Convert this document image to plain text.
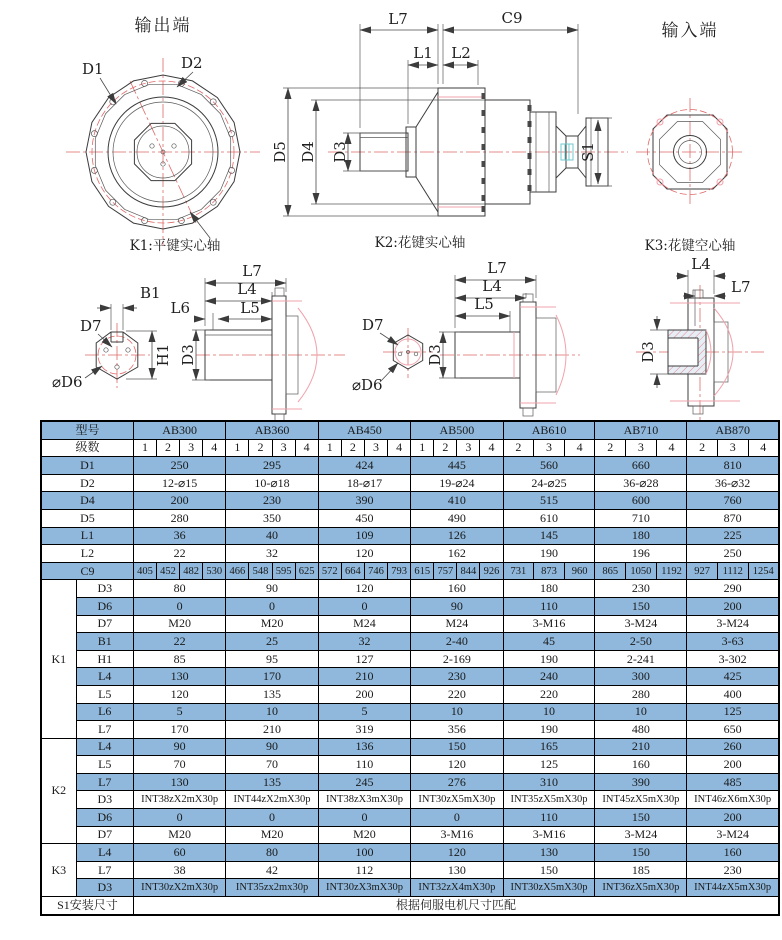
输出端
D1	D2
K1:平键实心轴
L7	C9
L1 L2
D5 D4 D3	S1
K2:花键实心轴
输入端
K3:花键空心轴
B1
D7
H1
⌀D6
L7
L4
L6	L5
D3
D7
⌀D6
L7
L4
L5
D3
L4
L7
D3
型号		AB300				AB360				AB450				AB500				AB610			AB710			AB870		
级数		1	2	3	4	1	2	3	4	1	2	3	4	1	2	3	4	2	3	4	2	3	4	2	3	4
D1		250				295				424				445				560			660			810		
D2		12-⌀15				10-⌀18				18-⌀17				19-⌀24				24-⌀25			36-⌀28			36-⌀32		
D4		200				230				390				410				515			600			760		
D5		280				350				450				490				610			710			870		
L1		36				40				109				126				145			180			225		
L2		22				32				120				162				190			196			250		
C9		405	452	482	530	466	548	595	625	572	664	746	793	615	757	844	926	731	873	960	865	1050	1192	927	1112	1254
K1	D3	80				90				120				160				180			230			290		
	D6	0				0				0				90				110			150			200		
	D7	M20				M20				M24				M24				3-M16			3-M24			3-M24		
	B1	22				25				32				2-40				45			2-50			3-63		
	H1	85				95				127				2-169				190			2-241			3-302		
	L4	130				170				210				230				240			300			425		
	L5	120				135				200				220				220			280			400		
	L6	5				10				5				10				10			10			125		
	L7	170				210				319				356				190			480			650		
K2	L4	90				90				136				150				165			210			260		
	L5	70				70				110				120				125			160			200		
	L7	130				135				245				276				310			390			485		
	D3	INT38zX2mX30p				INT44zX2mX30p				INT38zX3mX30p				INT30zX5mX30p				INT35zX5mX30p			INT45zX5mX30p			INT46zX6mX30p		
	D6	0				0				0				0				110			150			200		
	D7	M20				M20				M20				3-M16				3-M16			3-M24			3-M24		
K3	L4	60				80				100				120				130			150			160		
	L7	38				42				112				130				150			185			230		
	D3	INT30zX2mX30p				INT35zx2mx30p				INT30zX3mX30p				INT32zX4mX30p				INT30zX5mX30p			INT36zX5mX30p			INT44zX5mX30p		
S1安装尺寸		根据伺服电机尺寸匹配																								
